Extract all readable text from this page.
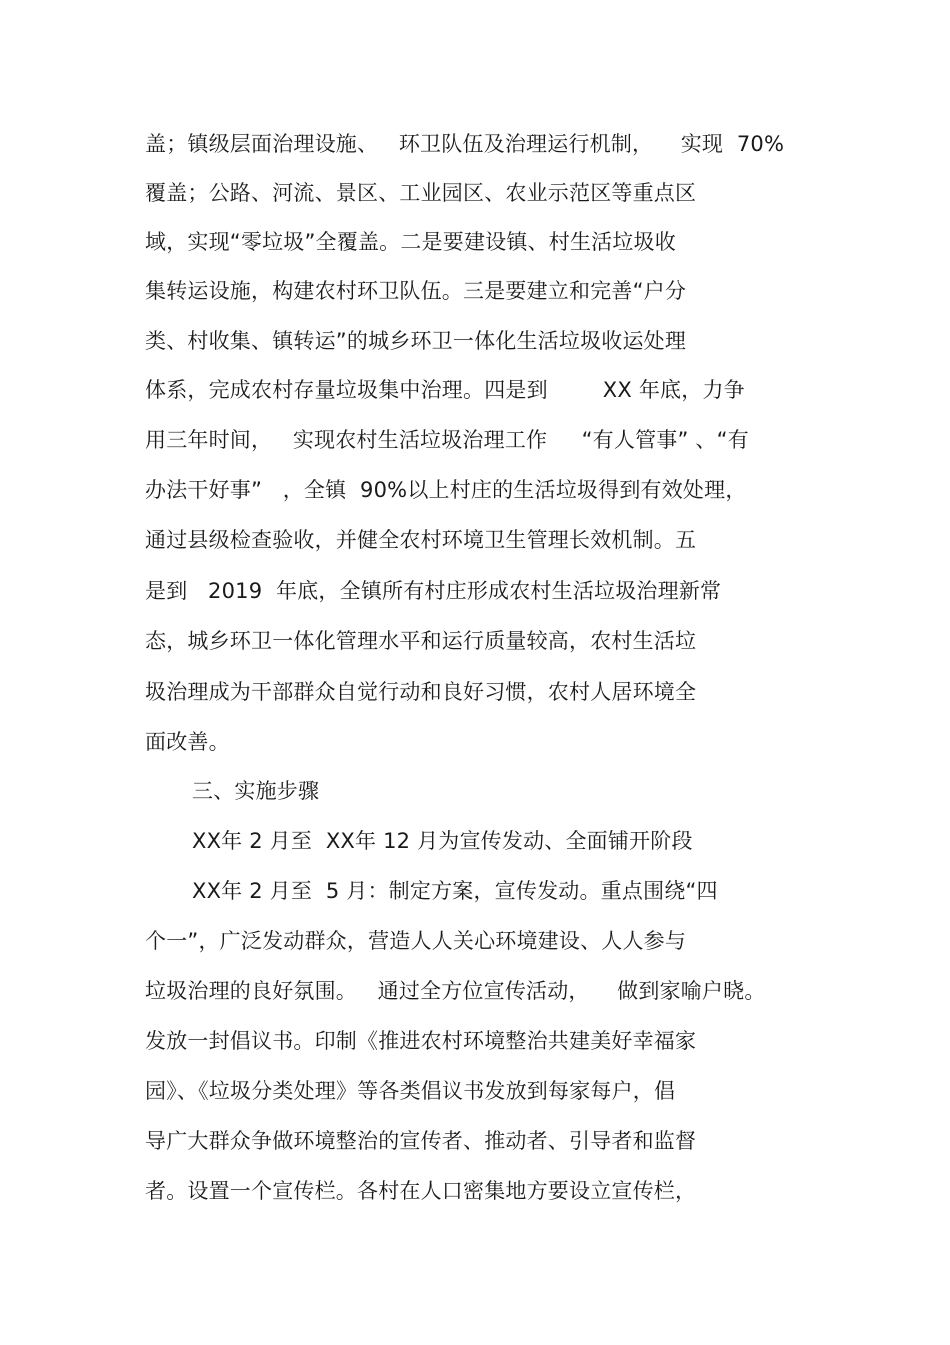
盖；镇级层面治理设施、   环卫队伍及治理运行机制，    实现  70%
覆盖；公路、河流、景区、工业园区、农业示范区等重点区
域，实现“零垃圾”全覆盖。二是要建设镇、村生活垃圾收
集转运设施，构建农村环卫队伍。三是要建立和完善“户分
类、村收集、镇转运”的城乡环卫一体化生活垃圾收运处理
体系，完成农村存量垃圾集中治理。四是到        XX 年底，力争
用三年时间，   实现农村生活垃圾治理工作     “有人管事” 、“有
办法干好事”   ，全镇  90%以上村庄的生活垃圾得到有效处理，
通过县级检查验收，并健全农村环境卫生管理长效机制。五
是到   2019  年底，全镇所有村庄形成农村生活垃圾治理新常
态，城乡环卫一体化管理水平和运行质量较高，农村生活垃
圾治理成为干部群众自觉行动和良好习惯，农村人居环境全
面改善。
三、实施步骤
XX年 2 月至  XX年 12 月为宣传发动、全面铺开阶段
XX年 2 月至  5 月：制定方案，宣传发动。重点围绕“四
个一”，广泛发动群众，营造人人关心环境建设、人人参与
垃圾治理的良好氛围。   通过全方位宣传活动，    做到家喻户晓。
发放一封倡议书。印制《推进农村环境整治共建美好幸福家
园》、《垃圾分类处理》等各类倡议书发放到每家每户，倡
导广大群众争做环境整治的宣传者、推动者、引导者和监督
者。设置一个宣传栏。各村在人口密集地方要设立宣传栏，
